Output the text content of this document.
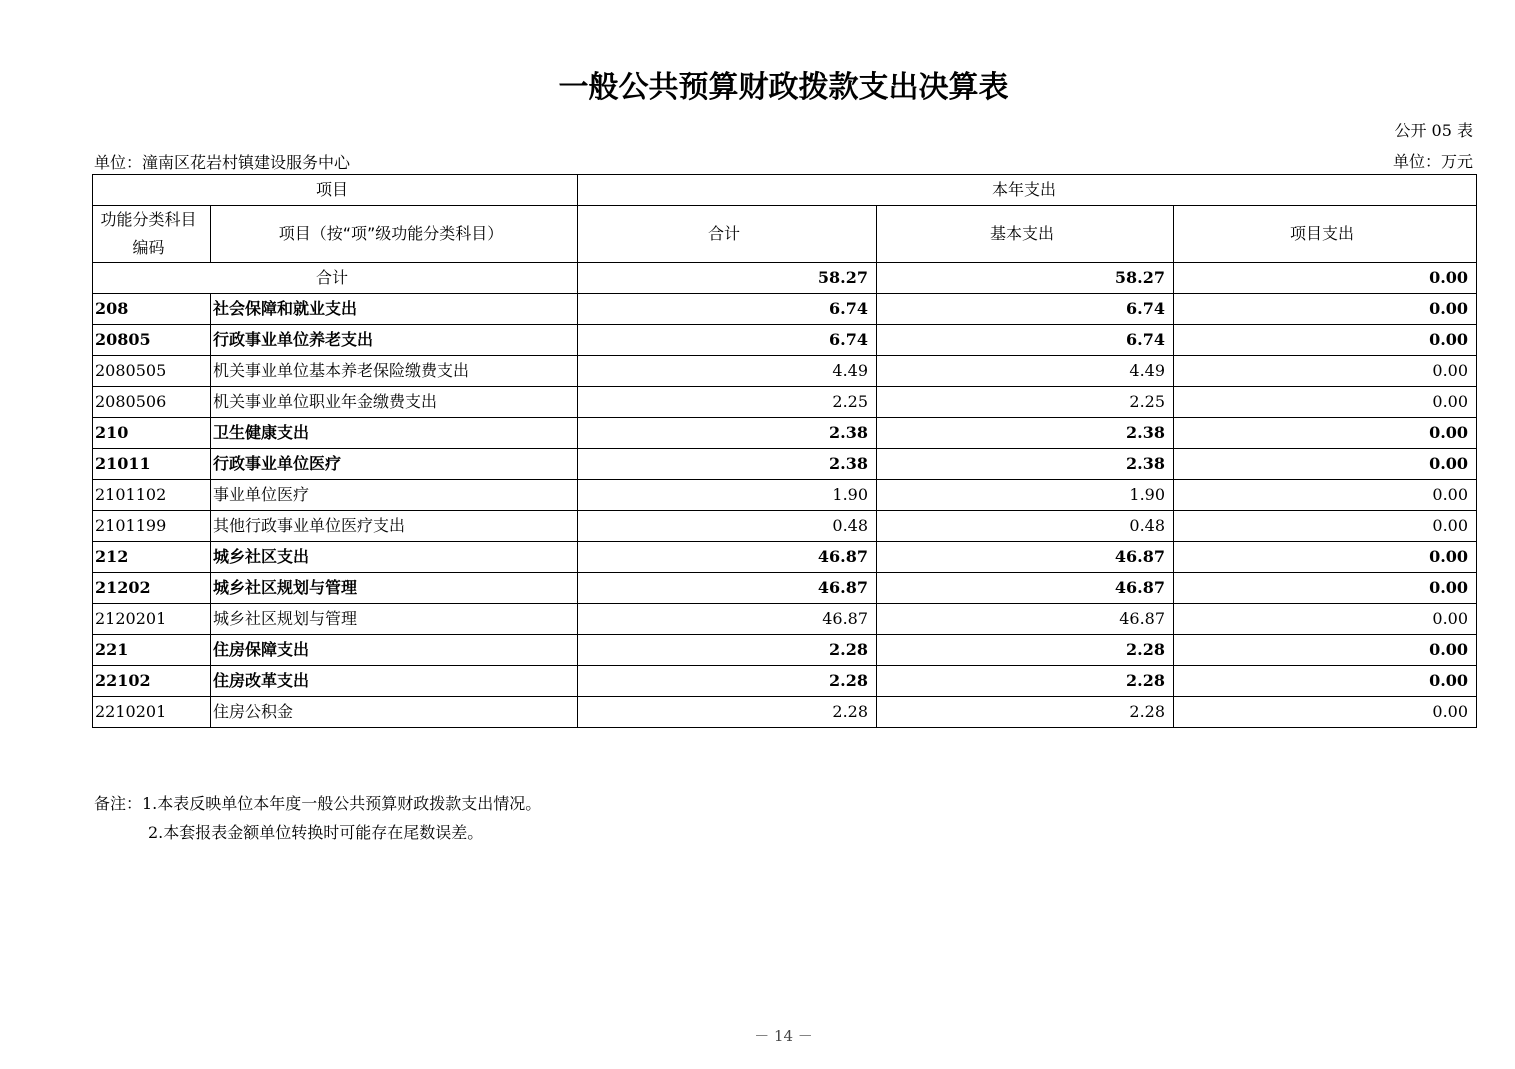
一般公共预算财政拨款支出决算表
公开 05 表
单位：潼南区花岩村镇建设服务中心	单位：万元
项目		本年支出		
功能分类科目编码	项目（按“项”级功能分类科目）	合计	基本支出	项目支出
合计		58.27	58.27	0.00
208	社会保障和就业支出	6.74	6.74	0.00
20805	行政事业单位养老支出	6.74	6.74	0.00
2080505	机关事业单位基本养老保险缴费支出	4.49	4.49	0.00
2080506	机关事业单位职业年金缴费支出	2.25	2.25	0.00
210	卫生健康支出	2.38	2.38	0.00
21011	行政事业单位医疗	2.38	2.38	0.00
2101102	事业单位医疗	1.90	1.90	0.00
2101199	其他行政事业单位医疗支出	0.48	0.48	0.00
212	城乡社区支出	46.87	46.87	0.00
21202	城乡社区规划与管理	46.87	46.87	0.00
2120201	城乡社区规划与管理	46.87	46.87	0.00
221	住房保障支出	2.28	2.28	0.00
22102	住房改革支出	2.28	2.28	0.00
2210201	住房公积金	2.28	2.28	0.00
备注：1.本表反映单位本年度一般公共预算财政拨款支出情况。
2.本套报表金额单位转换时可能存在尾数误差。
－ 14 －
